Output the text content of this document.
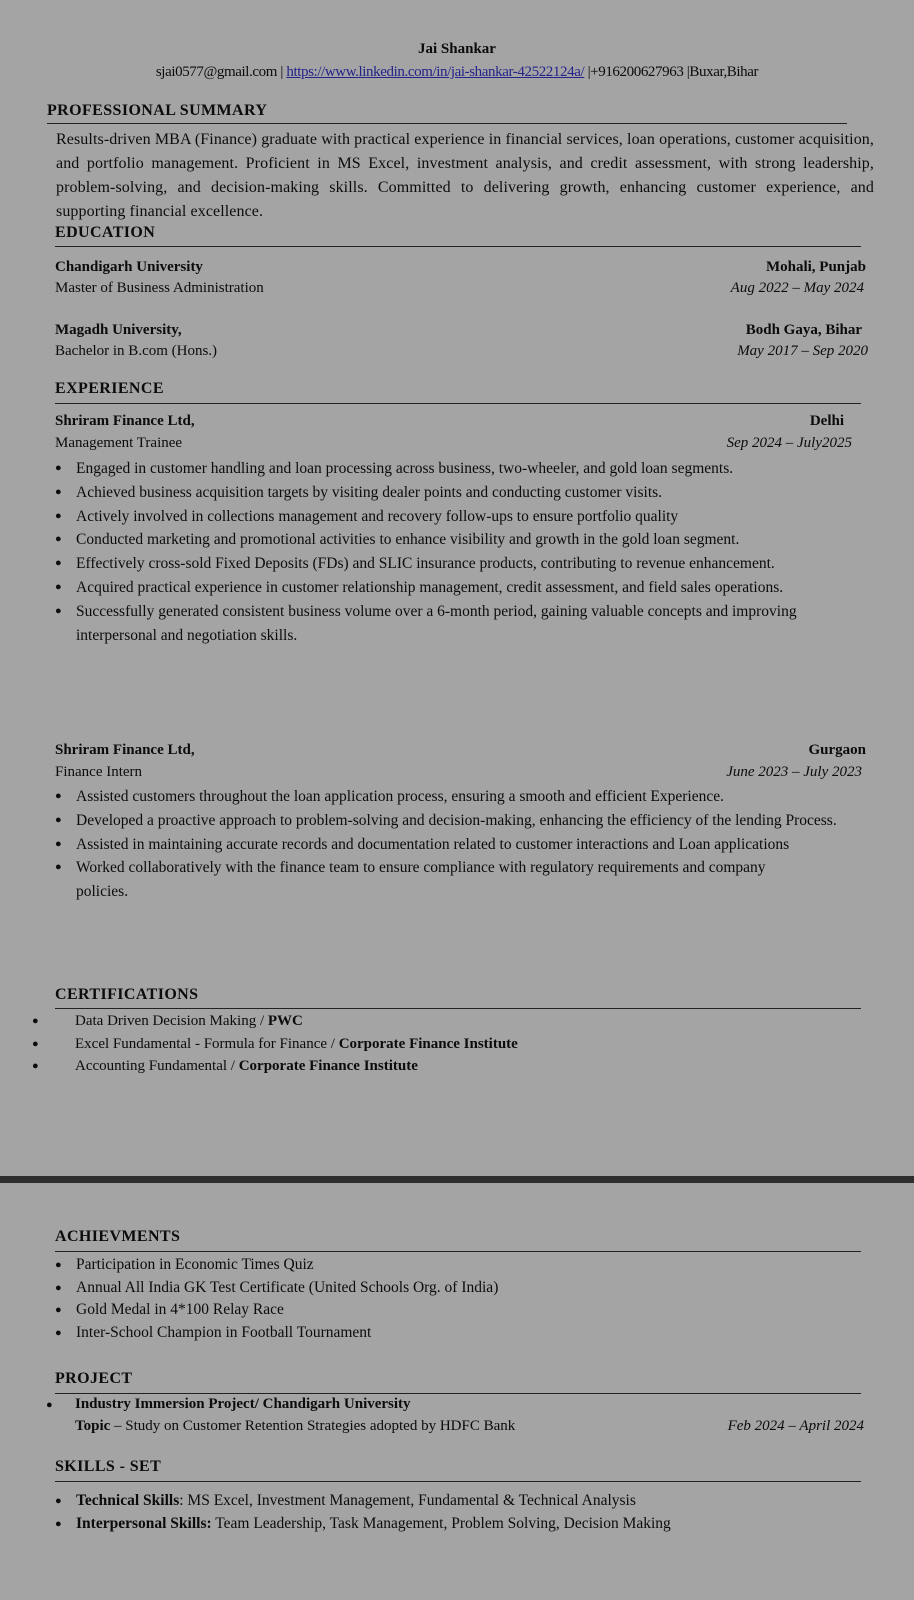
Jai Shankar
sjai0577@gmail.com | https://www.linkedin.com/in/jai-shankar-42522124a/ |+916200627963 |Buxar,Bihar
PROFESSIONAL SUMMARY
Results-driven MBA (Finance) graduate with practical experience in financial services, loan operations, customer acquisition, and portfolio management. Proficient in MS Excel, investment analysis, and credit assessment, with strong leadership, problem-solving, and decision-making skills. Committed to delivering growth, enhancing customer experience, and supporting financial excellence.
EDUCATION
Chandigarh University
Master of Business Administration
Mohali, Punjab
Aug 2022 – May 2024
Magadh University,
Bachelor in B.com (Hons.)
Bodh Gaya, Bihar
May 2017 – Sep 2020
EXPERIENCE
Shriram Finance Ltd,
Management Trainee
Delhi
Sep 2024 – July2025
● Engaged in customer handling and loan processing across business, two-wheeler, and gold loan segments.
● Achieved business acquisition targets by visiting dealer points and conducting customer visits.
● Actively involved in collections management and recovery follow-ups to ensure portfolio quality
● Conducted marketing and promotional activities to enhance visibility and growth in the gold loan segment.
● Effectively cross-sold Fixed Deposits (FDs) and SLIC insurance products, contributing to revenue enhancement.
● Acquired practical experience in customer relationship management, credit assessment, and field sales operations.
● Successfully generated consistent business volume over a 6-month period, gaining valuable concepts and improving interpersonal and negotiation skills.
Shriram Finance Ltd,
Finance Intern
Gurgaon
June 2023 – July 2023
● Assisted customers throughout the loan application process, ensuring a smooth and efficient Experience.
● Developed a proactive approach to problem-solving and decision-making, enhancing the efficiency of the lending Process.
● Assisted in maintaining accurate records and documentation related to customer interactions and Loan applications
● Worked collaboratively with the finance team to ensure compliance with regulatory requirements and company policies.
CERTIFICATIONS
● Data Driven Decision Making / PWC
● Excel Fundamental - Formula for Finance / Corporate Finance Institute
● Accounting Fundamental / Corporate Finance Institute
ACHIEVMENTS
● Participation in Economic Times Quiz
● Annual All India GK Test Certificate (United Schools Org. of India)
● Gold Medal in 4*100 Relay Race
● Inter-School Champion in Football Tournament
PROJECT
● Industry Immersion Project/ Chandigarh University
Topic – Study on Customer Retention Strategies adopted by HDFC Bank	Feb 2024 – April 2024
SKILLS - SET
● Technical Skills: MS Excel, Investment Management, Fundamental & Technical Analysis
● Interpersonal Skills: Team Leadership, Task Management, Problem Solving, Decision Making
